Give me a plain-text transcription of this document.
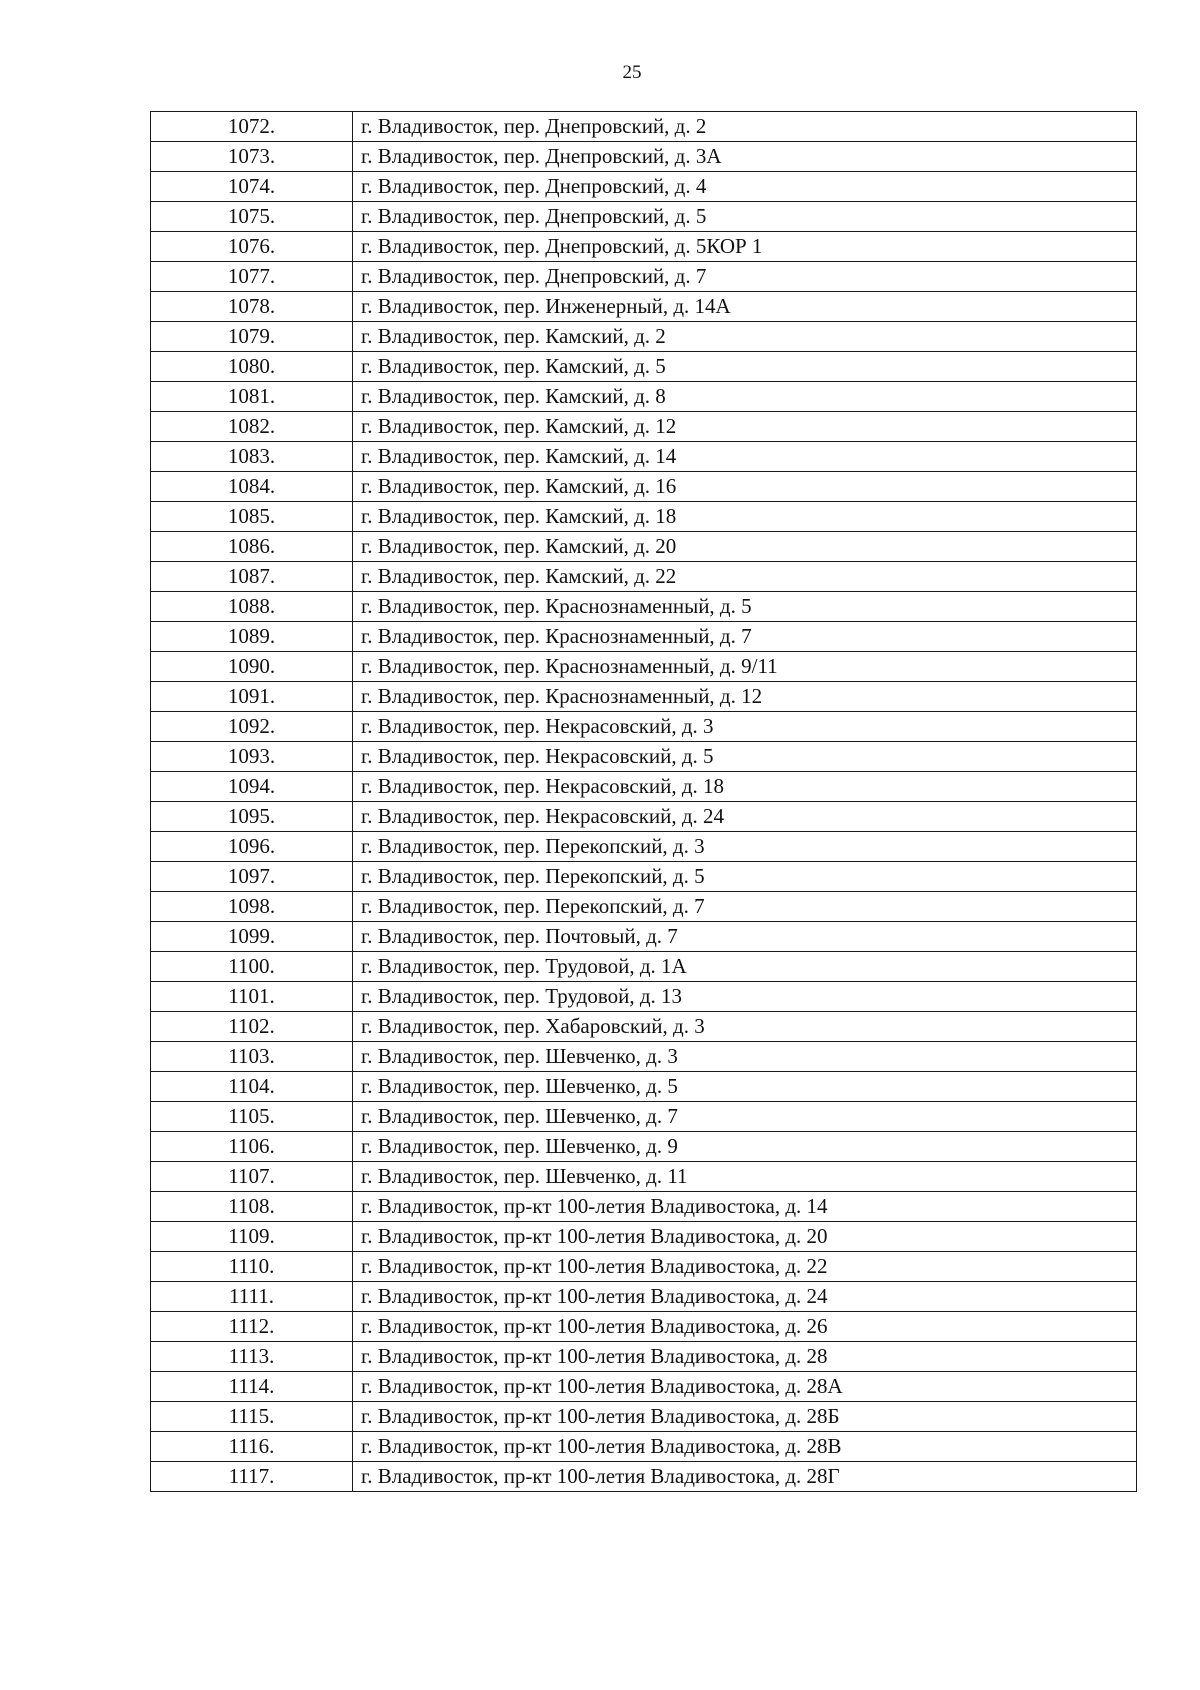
25
1072.	г. Владивосток, пер. Днепровский, д. 2
1073.	г. Владивосток, пер. Днепровский, д. 3А
1074.	г. Владивосток, пер. Днепровский, д. 4
1075.	г. Владивосток, пер. Днепровский, д. 5
1076.	г. Владивосток, пер. Днепровский, д. 5КОР 1
1077.	г. Владивосток, пер. Днепровский, д. 7
1078.	г. Владивосток, пер. Инженерный, д. 14А
1079.	г. Владивосток, пер. Камский, д. 2
1080.	г. Владивосток, пер. Камский, д. 5
1081.	г. Владивосток, пер. Камский, д. 8
1082.	г. Владивосток, пер. Камский, д. 12
1083.	г. Владивосток, пер. Камский, д. 14
1084.	г. Владивосток, пер. Камский, д. 16
1085.	г. Владивосток, пер. Камский, д. 18
1086.	г. Владивосток, пер. Камский, д. 20
1087.	г. Владивосток, пер. Камский, д. 22
1088.	г. Владивосток, пер. Краснознаменный, д. 5
1089.	г. Владивосток, пер. Краснознаменный, д. 7
1090.	г. Владивосток, пер. Краснознаменный, д. 9/11
1091.	г. Владивосток, пер. Краснознаменный, д. 12
1092.	г. Владивосток, пер. Некрасовский, д. 3
1093.	г. Владивосток, пер. Некрасовский, д. 5
1094.	г. Владивосток, пер. Некрасовский, д. 18
1095.	г. Владивосток, пер. Некрасовский, д. 24
1096.	г. Владивосток, пер. Перекопский, д. 3
1097.	г. Владивосток, пер. Перекопский, д. 5
1098.	г. Владивосток, пер. Перекопский, д. 7
1099.	г. Владивосток, пер. Почтовый, д. 7
1100.	г. Владивосток, пер. Трудовой, д. 1А
1101.	г. Владивосток, пер. Трудовой, д. 13
1102.	г. Владивосток, пер. Хабаровский, д. 3
1103.	г. Владивосток, пер. Шевченко, д. 3
1104.	г. Владивосток, пер. Шевченко, д. 5
1105.	г. Владивосток, пер. Шевченко, д. 7
1106.	г. Владивосток, пер. Шевченко, д. 9
1107.	г. Владивосток, пер. Шевченко, д. 11
1108.	г. Владивосток, пр-кт 100-летия Владивостока, д. 14
1109.	г. Владивосток, пр-кт 100-летия Владивостока, д. 20
1110.	г. Владивосток, пр-кт 100-летия Владивостока, д. 22
1111.	г. Владивосток, пр-кт 100-летия Владивостока, д. 24
1112.	г. Владивосток, пр-кт 100-летия Владивостока, д. 26
1113.	г. Владивосток, пр-кт 100-летия Владивостока, д. 28
1114.	г. Владивосток, пр-кт 100-летия Владивостока, д. 28А
1115.	г. Владивосток, пр-кт 100-летия Владивостока, д. 28Б
1116.	г. Владивосток, пр-кт 100-летия Владивостока, д. 28В
1117.	г. Владивосток, пр-кт 100-летия Владивостока, д. 28Г
